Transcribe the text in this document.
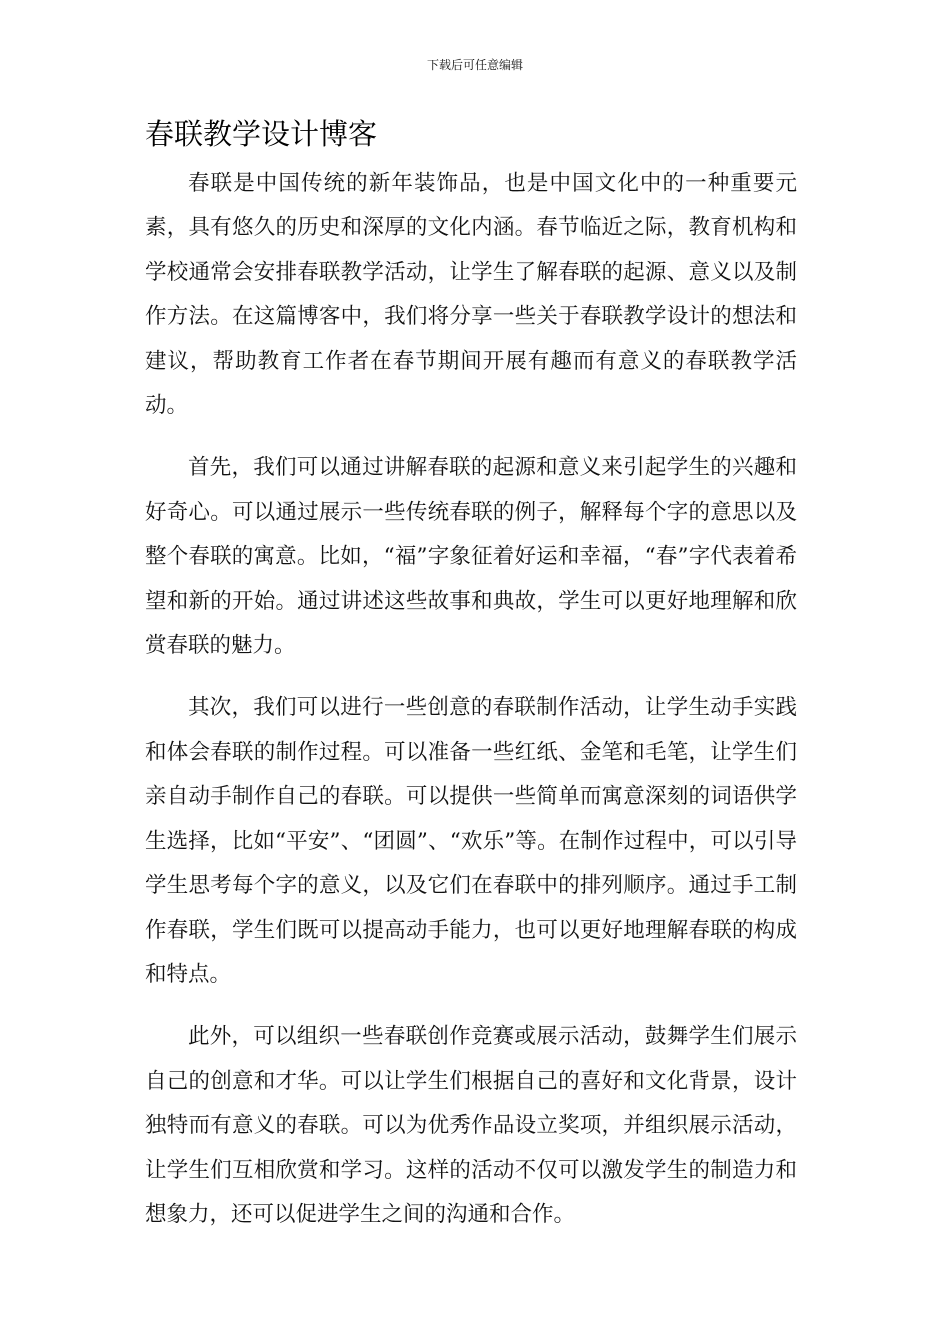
下载后可任意编辑
春联教学设计博客

春联是中国传统的新年装饰品，也是中国文化中的一种重要元素，具有悠久的历史和深厚的文化内涵。春节临近之际，教育机构和学校通常会安排春联教学活动，让学生了解春联的起源、意义以及制作方法。在这篇博客中，我们将分享一些关于春联教学设计的想法和建议，帮助教育工作者在春节期间开展有趣而有意义的春联教学活动。

首先，我们可以通过讲解春联的起源和意义来引起学生的兴趣和好奇心。可以通过展示一些传统春联的例子，解释每个字的意思以及整个春联的寓意。比如，“福”字象征着好运和幸福，“春”字代表着希望和新的开始。通过讲述这些故事和典故，学生可以更好地理解和欣赏春联的魅力。

其次，我们可以进行一些创意的春联制作活动，让学生动手实践和体会春联的制作过程。可以准备一些红纸、金笔和毛笔，让学生们亲自动手制作自己的春联。可以提供一些简单而寓意深刻的词语供学生选择，比如“平安”、“团圆”、“欢乐”等。在制作过程中，可以引导学生思考每个字的意义，以及它们在春联中的排列顺序。通过手工制作春联，学生们既可以提高动手能力，也可以更好地理解春联的构成和特点。

此外，可以组织一些春联创作竞赛或展示活动，鼓舞学生们展示自己的创意和才华。可以让学生们根据自己的喜好和文化背景，设计独特而有意义的春联。可以为优秀作品设立奖项，并组织展示活动，让学生们互相欣赏和学习。这样的活动不仅可以激发学生的制造力和想象力，还可以促进学生之间的沟通和合作。
